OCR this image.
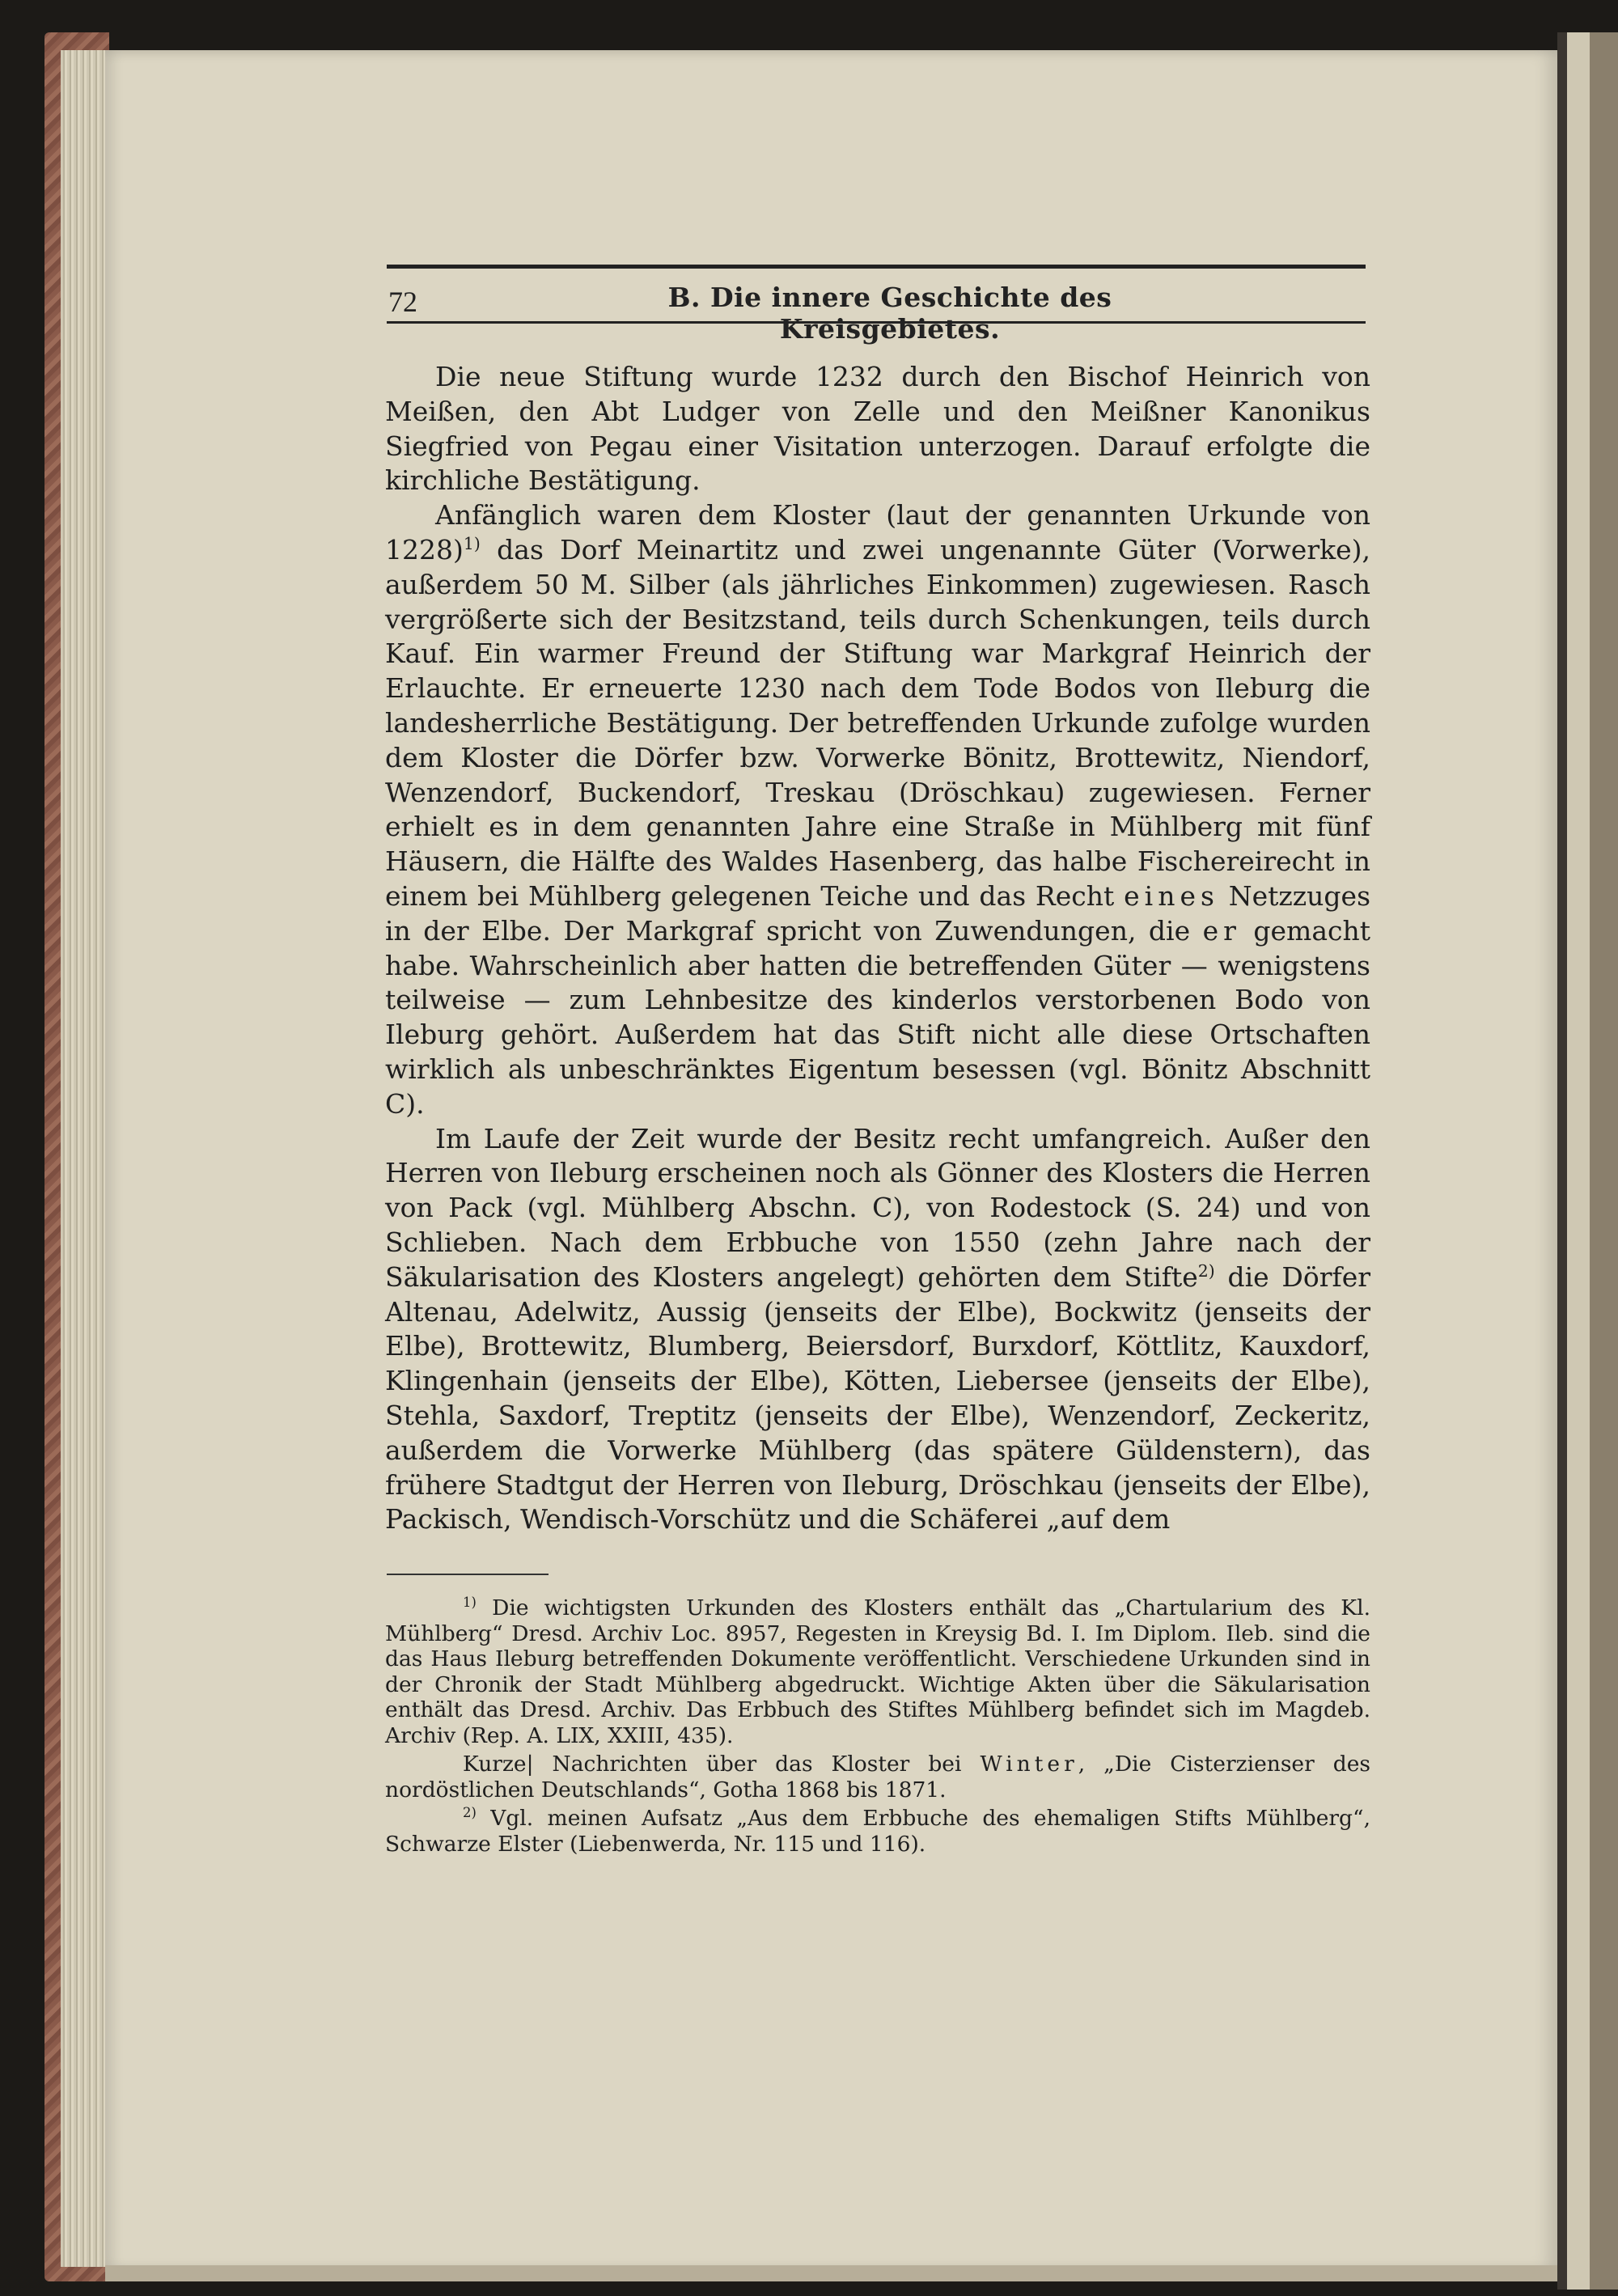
72	B. Die innere Geschichte des Kreisgebietes.

Die neue Stiftung wurde 1232 durch den Bischof Heinrich von Meißen, den Abt Ludger von Zelle und den Meißner Kanonikus Siegfried von Pegau einer Visitation unterzogen. Darauf erfolgte die kirchliche Bestätigung.

Anfänglich waren dem Kloster (laut der genannten Urkunde von 1228)$^{1)}$ das Dorf Meinartitz und zwei ungenannte Güter (Vorwerke), außerdem 50 M. Silber (als jährliches Einkommen) zugewiesen. Rasch vergrößerte sich der Besitzstand, teils durch Schenkungen, teils durch Kauf. Ein warmer Freund der Stiftung war Markgraf Heinrich der Erlauchte. Er erneuerte 1230 nach dem Tode Bodos von Ileburg die landesherrliche Bestätigung. Der betreffenden Urkunde zufolge wurden dem Kloster die Dörfer bzw. Vorwerke Bönitz, Brottewitz, Niendorf, Wenzendorf, Buckendorf, Treskau (Dröschkau) zugewiesen. Ferner erhielt es in dem genannten Jahre eine Straße in Mühlberg mit fünf Häusern, die Hälfte des Waldes Hasenberg, das halbe Fischereirecht in einem bei Mühlberg gelegenen Teiche und das Recht eines Netzzuges in der Elbe. Der Markgraf spricht von Zuwendungen, die er gemacht habe. Wahrscheinlich aber hatten die betreffenden Güter — wenigstens teilweise — zum Lehnbesitze des kinderlos verstorbenen Bodo von Ileburg gehört. Außerdem hat das Stift nicht alle diese Ortschaften wirklich als unbeschränktes Eigentum besessen (vgl. Bönitz Abschnitt C).

Im Laufe der Zeit wurde der Besitz recht umfangreich. Außer den Herren von Ileburg erscheinen noch als Gönner des Klosters die Herren von Pack (vgl. Mühlberg Abschn. C), von Rodestock (S. 24) und von Schlieben. Nach dem Erbbuche von 1550 (zehn Jahre nach der Säkularisation des Klosters angelegt) gehörten dem Stifte$^{2)}$ die Dörfer Altenau, Adelwitz, Aussig (jenseits der Elbe), Bockwitz (jenseits der Elbe), Brottewitz, Blumberg, Beiersdorf, Burxdorf, Köttlitz, Kauxdorf, Klingenhain (jenseits der Elbe), Kötten, Liebersee (jenseits der Elbe), Stehla, Saxdorf, Treptitz (jenseits der Elbe), Wenzendorf, Zeckeritz, außerdem die Vorwerke Mühlberg (das spätere Güldenstern), das frühere Stadtgut der Herren von Ileburg, Dröschkau (jenseits der Elbe), Packisch, Wendisch-Vorschütz und die Schäferei „auf dem

$^{1)}$ Die wichtigsten Urkunden des Klosters enthält das „Chartularium des Kl. Mühlberg“ Dresd. Archiv Loc. 8957, Regesten in Kreysig Bd. I. Im Diplom. Ileb. sind die das Haus Ileburg betreffenden Dokumente veröffentlicht. Verschiedene Urkunden sind in der Chronik der Stadt Mühlberg abgedruckt. Wichtige Akten über die Säkularisation enthält das Dresd. Archiv. Das Erbbuch des Stiftes Mühlberg befindet sich im Magdeb. Archiv (Rep. A. LIX, XXIII, 435).

Kurze| Nachrichten über das Kloster bei Winter, „Die Cisterzienser des nordöstlichen Deutschlands“, Gotha 1868 bis 1871.

$^{2)}$ Vgl. meinen Aufsatz „Aus dem Erbbuche des ehemaligen Stifts Mühlberg“, Schwarze Elster (Liebenwerda, Nr. 115 und 116).
